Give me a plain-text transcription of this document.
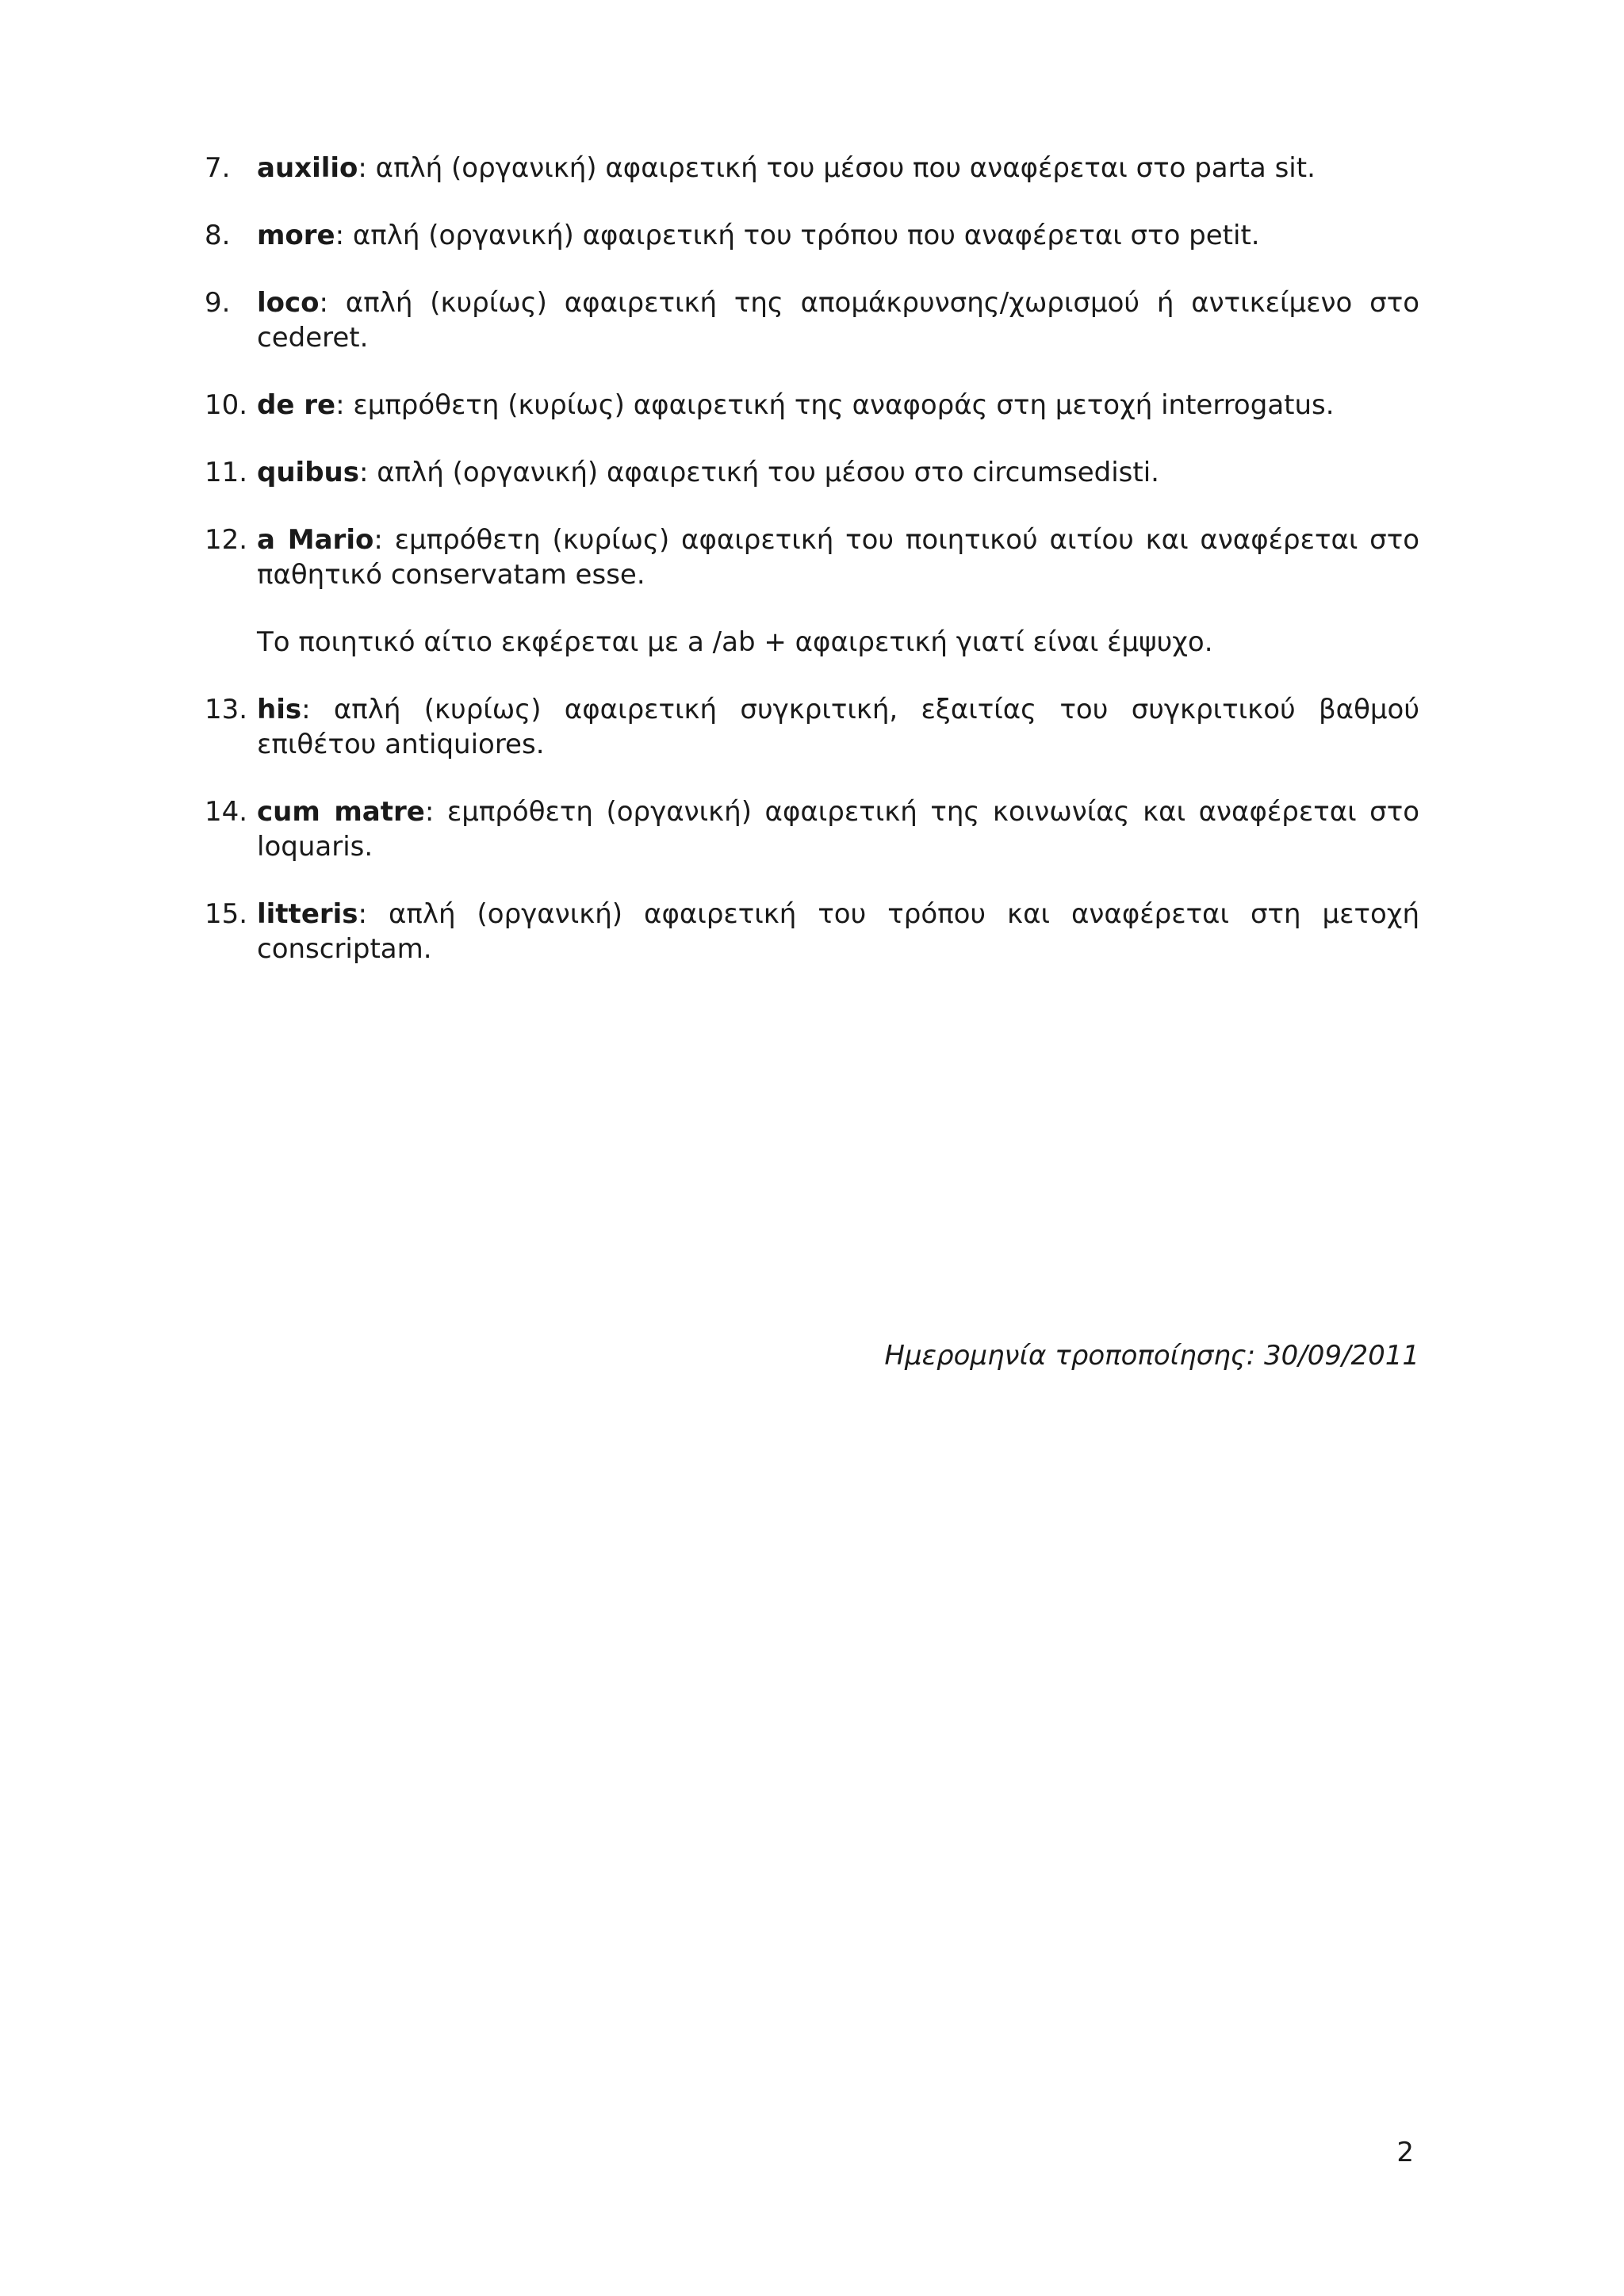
7. auxilio: απλή (οργανική) αφαιρετική του μέσου που αναφέρεται στο parta sit.
8. more: απλή (οργανική) αφαιρετική του τρόπου που αναφέρεται στο petit.
9. loco: απλή (κυρίως) αφαιρετική της απομάκρυνσης/χωρισμού ή αντικείμενο στο cederet.
10. de re: εμπρόθετη (κυρίως) αφαιρετική της αναφοράς στη μετοχή interrogatus.
11. quibus: απλή (οργανική) αφαιρετική του μέσου στο circumsedisti.
12. a Mario: εμπρόθετη (κυρίως) αφαιρετική του ποιητικού αιτίου και αναφέρεται στο παθητικό conservatam esse.
Το ποιητικό αίτιο εκφέρεται με a /ab + αφαιρετική γιατί είναι έμψυχο.
13. his: απλή (κυρίως) αφαιρετική συγκριτική, εξαιτίας του συγκριτικού βαθμού επιθέτου antiquiores.
14. cum matre: εμπρόθετη (οργανική) αφαιρετική της κοινωνίας και αναφέρεται στο loquaris.
15. litteris: απλή (οργανική) αφαιρετική του τρόπου και αναφέρεται στη μετοχή conscriptam.
Ημερομηνία τροποποίησης: 30/09/2011
2
